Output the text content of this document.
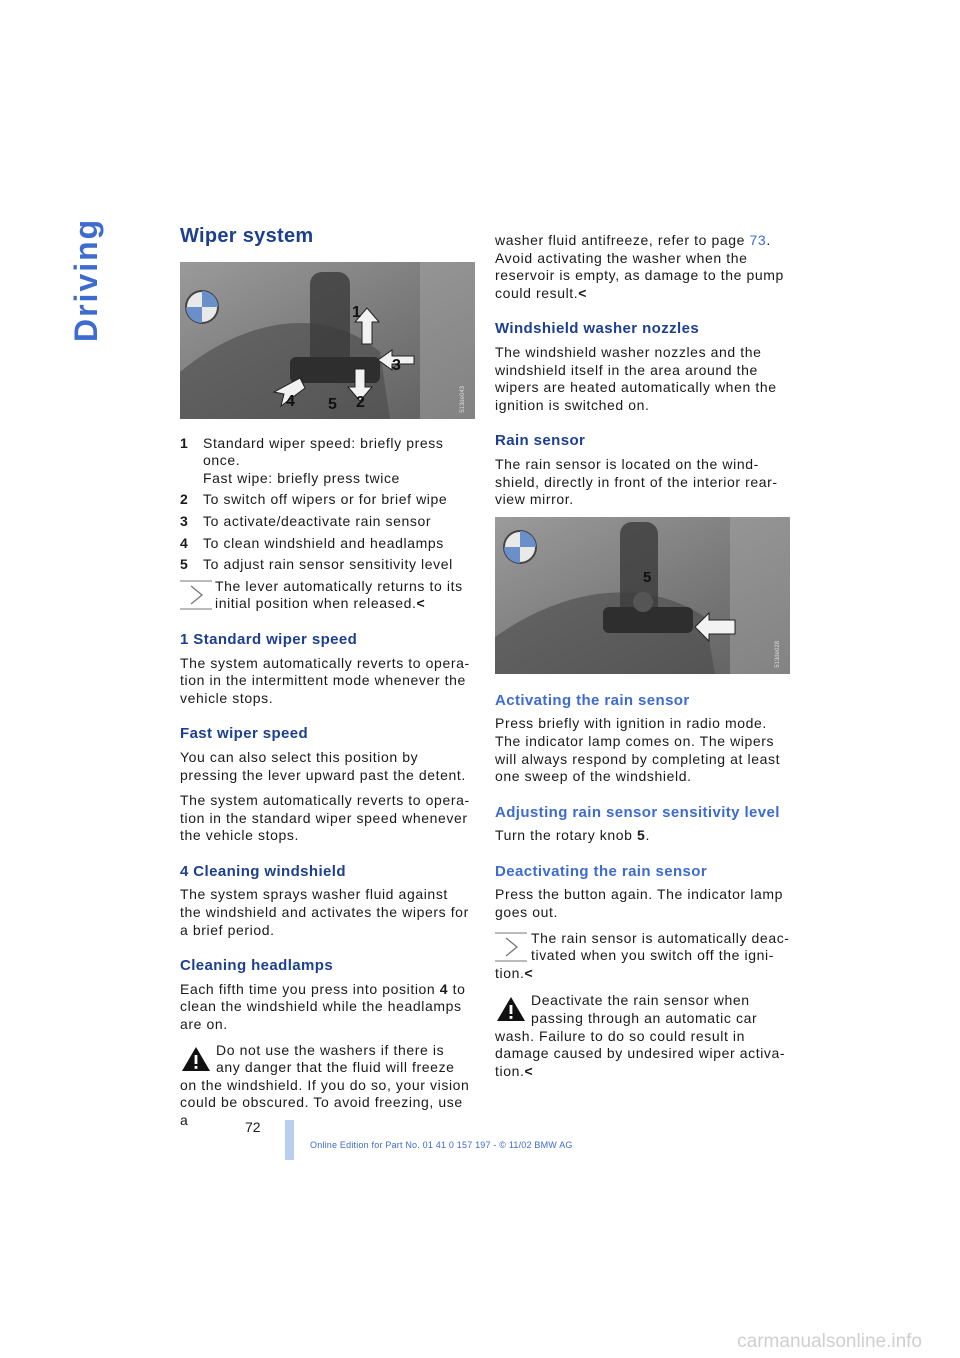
Driving	Wiper system
1
2
3
4 5	513de043
1	Standard wiper speed: briefly press once.
Fast wipe: briefly press twice
2	To switch off wipers or for brief wipe
3	To activate/deactivate rain sensor
4	To clean windshield and headlamps
5	To adjust rain sensor sensitivity level
The lever automatically returns to its initial position when released.<
1 Standard wiper speed

The system automatically reverts to opera-tion in the intermittent mode whenever the vehicle stops.

Fast wiper speed

You can also select this position by pressing the lever upward past the detent.

The system automatically reverts to opera-tion in the standard wiper speed whenever the vehicle stops.

4 Cleaning windshield

The system sprays washer fluid against the windshield and activates the wipers for a brief period.

Cleaning headlamps

Each fifth time you press into position 4 to clean the windshield while the headlamps are on.

Do not use the washers if there is any danger that the fluid will freeze on the windshield. If you do so, your vision could be obscured. To avoid freezing, use a

washer fluid antifreeze, refer to page 73. Avoid activating the washer when the reservoir is empty, as damage to the pump could result.<

Windshield washer nozzles

The windshield washer nozzles and the windshield itself in the area around the wipers are heated automatically when the ignition is switched on.

Rain sensor

The rain sensor is located on the wind-shield, directly in front of the interior rear-view mirror.

5
513de028
Activating the rain sensor

Press briefly with ignition in radio mode. The indicator lamp comes on. The wipers will always respond by completing at least one sweep of the windshield.

Adjusting rain sensor sensitivity level

Turn the rotary knob 5.

Deactivating the rain sensor

Press the button again. The indicator lamp goes out.

The rain sensor is automatically deac-tivated when you switch off the igni- tion.<
Deactivate the rain sensor when passing through an automatic car wash. Failure to do so could result in damage caused by undesired wiper activa-tion.<
72
Online Edition for Part No. 01 41 0 157 197 - © 11/02 BMW AG
carmanualsonline.info
